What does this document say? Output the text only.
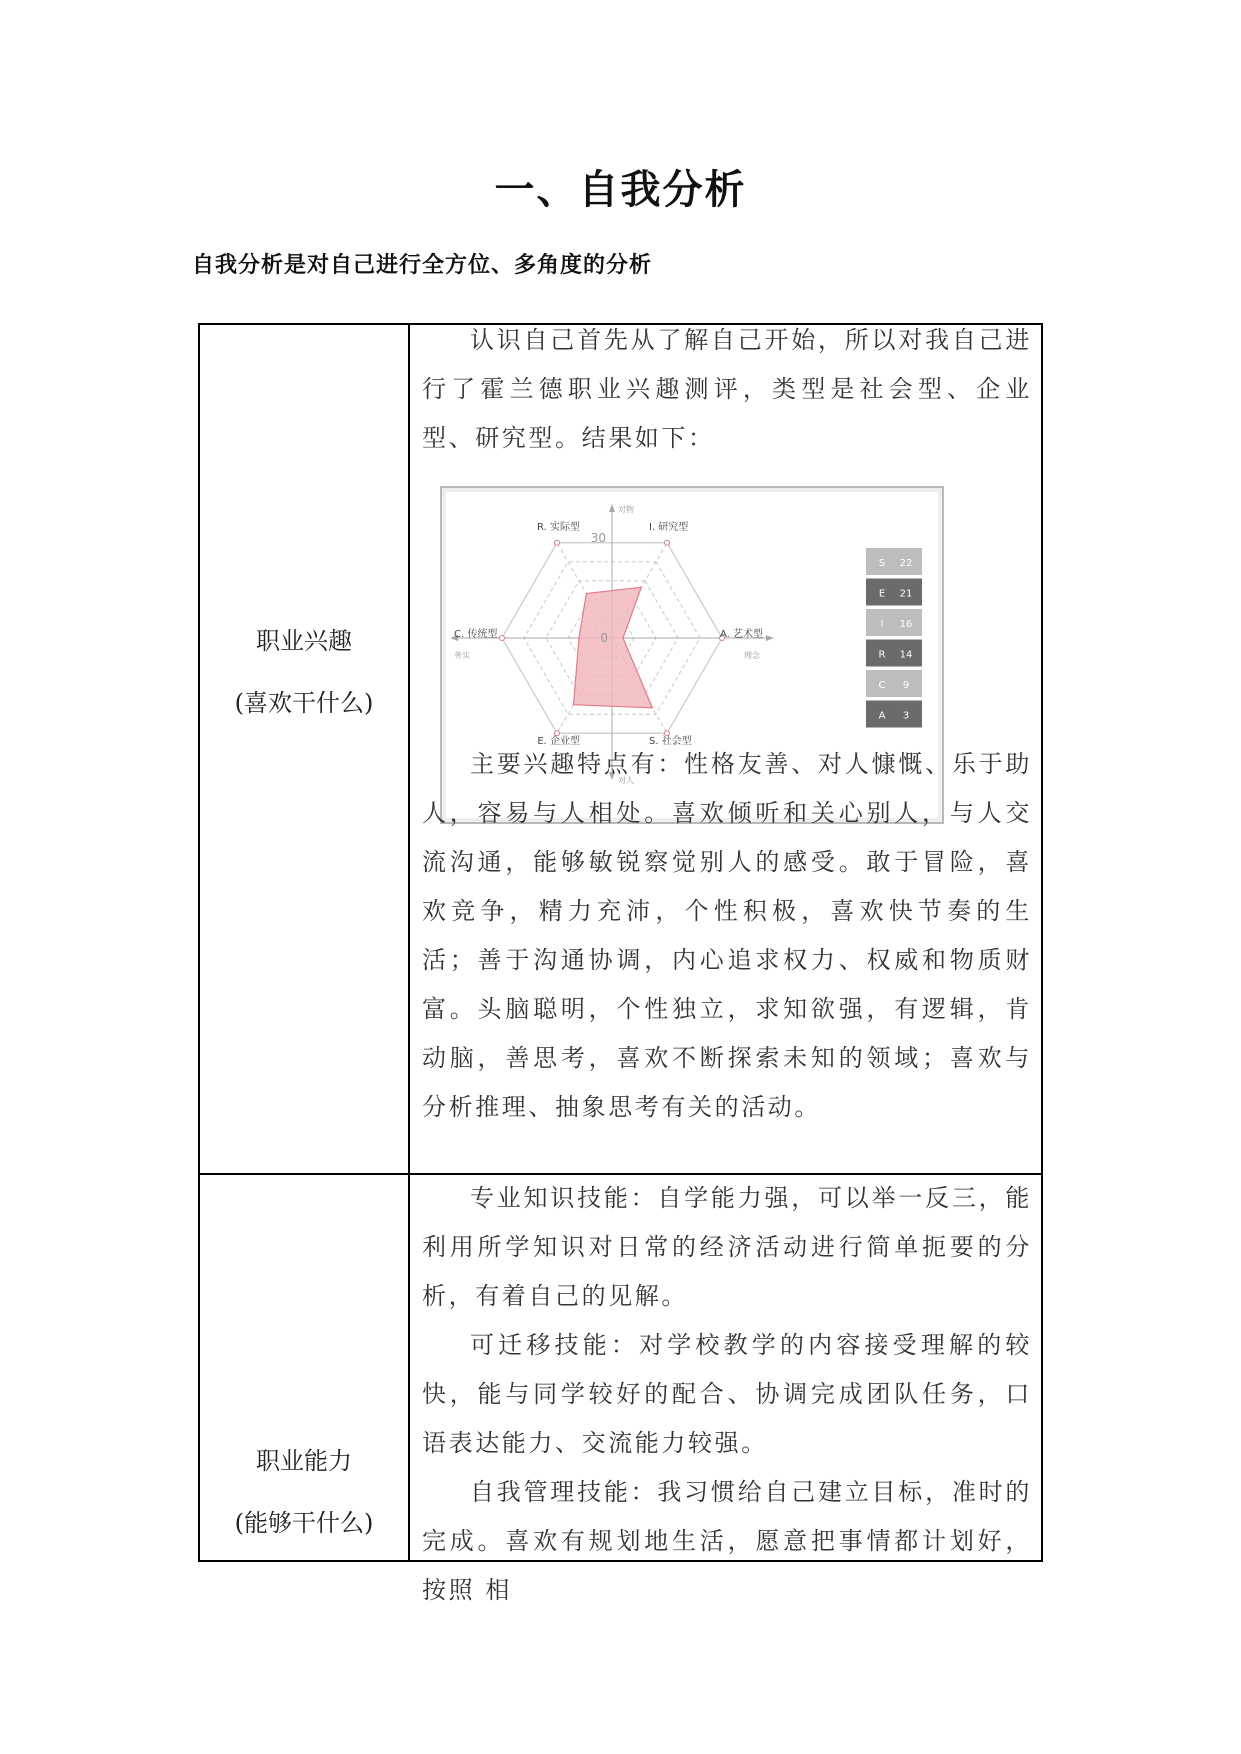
一、自我分析
自我分析是对自己进行全方位、多角度的分析

职业兴趣

(喜欢干什么)

认识自己首先从了解自己开始，所以对我自己进行了霍兰德职业兴趣测评，类型是社会型、企业型、研究型。结果如下：

30
0
I. 研究型
A. 艺术型
S. 社会型
E. 企业型
C. 传统型
R. 实际型
对物
对人
务实	理念
S 22
E 21
I 16
R 14
C 9
A 3

主要兴趣特点有：性格友善、对人慷慨、乐于助人，容易与人相处。喜欢倾听和关心别人，与人交流沟通，能够敏锐察觉别人的感受。敢于冒险，喜欢竞争，精力充沛，个性积极，喜欢快节奏的生活；善于沟通协调，内心追求权力、权威和物质财富。头脑聪明，个性独立，求知欲强，有逻辑，肯动脑，善思考，喜欢不断探索未知的领域；喜欢与分析推理、抽象思考有关的活动。

职业能力

(能够干什么)

专业知识技能：自学能力强，可以举一反三，能利用所学知识对日常的经济活动进行简单扼要的分析，有着自己的见解。

可迁移技能：对学校教学的内容接受理解的较快，能与同学较好的配合、协调完成团队任务，口语表达能力、交流能力较强。

自我管理技能：我习惯给自己建立目标，准时的完成。喜欢有规划地生活，愿意把事情都计划好，按照 相
